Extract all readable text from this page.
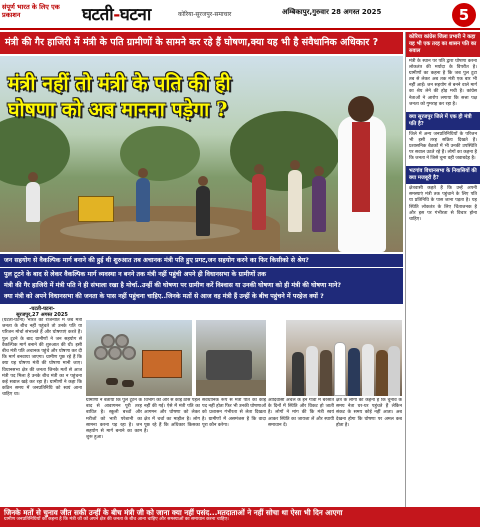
संपूर्ण भारत के लिए एक प्रकाशन	घटती-घटना	कोरिया-सूरजपुर-समाचार	अम्बिकापुर,गुरुवार 28 अगस्त 2025	5
मंत्री की गैर हाजिरी में मंत्री के पति ग्रामीणों के सामने कर रहे हैं घोषणा,क्या यह भी है संवैधानिक अधिकार ?
मंत्री नहीं तो मंत्री के पति की ही
घोषणा को अब मानना पड़ेगा ?
जन सहयोग से वैकल्पिक मार्ग बनाने की हुई थी शुरुआत तब अचानक मंत्री पति हुए प्रगट,जन सहयोग करने का फिर किसीको से श्रेय?
पुल टूटने के बाद से लेकर वैकल्पिक मार्ग व्यवस्था न बनने तक मंत्री नहीं पहुंची अपने ही विधानसभा के ग्रामीणों तक
मंत्री की गैर हाजिरी में मंत्री पति ने ही संभाला रखा है मोर्चा..उन्हीं की घोषणा पर ग्रामीण करें विश्वास या उनकी घोषणा को ही मंत्री की घोषणा माने?
क्या मंत्री को अपने विधानसभा की जनता के पास नहीं पहुंचना चाहिए..जिनके मतों से आज वह मंत्री हैं उन्हीं के बीच पहुंचने में परहेज क्यों ?
-घटती-घटना-
सूरजपुर,27 अगस्त 2025
(घटती-घटना) भारत की राजनीति में जब मंत्री जनता के बीच नहीं पहुंचते तो उनके पति या परिजन मोर्चा संभालते हैं और घोषणाएं करते हैं। पुल टूटने के बाद ग्रामीणों ने जन सहयोग से वैकल्पिक मार्ग बनाने की शुरुआत की थी। इसी बीच मंत्री पति अचानक पहुंचे और घोषणा कर दी कि मार्ग बनवाया जाएगा। ग्रामीण पूछ रहे हैं कि क्या यह घोषणा मंत्री की घोषणा मानी जाए। विधानसभा क्षेत्र की जनता जिनके मतों से आज मंत्री पद मिला है उनके बीच मंत्री का न पहुंचना कई सवाल खड़े कर रहा है। ग्रामीणों ने कहा कि कठिन समय में जनप्रतिनिधि को स्वयं आना चाहिए था।
ग्रामीणों ने बताया कि पुल टूटने के बाद से आवागमन पूरी तरह बाधित है। स्कूली बच्चों और मरीजों को भारी परेशानी का सामना करना पड़ रहा है। जन सहयोग से मार्ग बनाने का काम शुरू हुआ।
विभाग की ओर से कोई ठोस पहल नहीं की गई। ऐसे में मंत्री पति का आगमन और घोषणा को लेकर क्षेत्र में चर्चा का माहौल है। लोग पूछ रहे हैं कि अधिकार किसका है।
संवैधानिक रूप से मंत्री पति का कोई पद नहीं होता फिर भी उनकी घोषणाओं को प्रशासन गंभीरता से लेता दिखता है। ग्रामीणों में असमंजस है कि वादा पूरा कौन करेगा।
आदिवासी अंचल के इन गांवों में बरसात के दिनों में स्थिति और विकट हो जाती है। लोगों ने मांग की कि मंत्री स्वयं आकर स्थिति का जायजा लें और स्थायी समाधान दें।
क्षेत्र के लोगों का कहना है कि चुनाव के समय नेता घर-घर पहुंचते हैं लेकिन संकट के समय कोई नहीं आता। अब देखना होगा कि घोषणा पर अमल कब होता है।
कोरिया कांग्रेस जिला प्रभारी ने कहा यह भी एक तरह का शासन पति का सवाल
मंत्री के स्थान पर पति द्वारा घोषणा करना लोकतंत्र की मर्यादा के विपरीत है। ग्रामीणों का कहना है कि जब पुल टूटा तब से लेकर अब तक मंत्री एक बार भी नहीं आईं। जन सहयोग से बनने वाले मार्ग का श्रेय लेने की होड़ मची है। कांग्रेस नेताओं ने आरोप लगाया कि सत्ता पक्ष जनता को गुमराह कर रहा है।
क्या सूरजपुर जिले में एक ही मंत्री पति है?
जिले में अन्य जनप्रतिनिधियों के परिजन भी इसी तरह सक्रिय दिखते हैं। प्रशासनिक बैठकों में भी उनकी उपस्थिति पर सवाल उठते रहे हैं। लोगों का कहना है कि जनता ने जिसे चुना वही जवाबदेह है।
भटगांव विधानसभा के निवासियों की क्या मजबूरी है?
क्षेत्रवासी कहते हैं कि उन्हें अपनी समस्याएं मंत्री तक पहुंचाने के लिए पति या प्रतिनिधि के पास जाना पड़ता है। यह स्थिति लोकतंत्र के लिए चिंताजनक है और इस पर गंभीरता से विचार होना चाहिए।
जिनके मतों से चुनाव जीत सकी उन्हीं के बीच मंत्री जी को जाना क्या नहीं पसंद...मतदाताओं ने नहीं सोचा था ऐसा भी दिन आएगा
ग्रामीण जनप्रतिनिधियों का कहना है कि मंत्री जी को अपने क्षेत्र की जनता के बीच आना चाहिए और समस्याओं का समाधान करना चाहिए।
